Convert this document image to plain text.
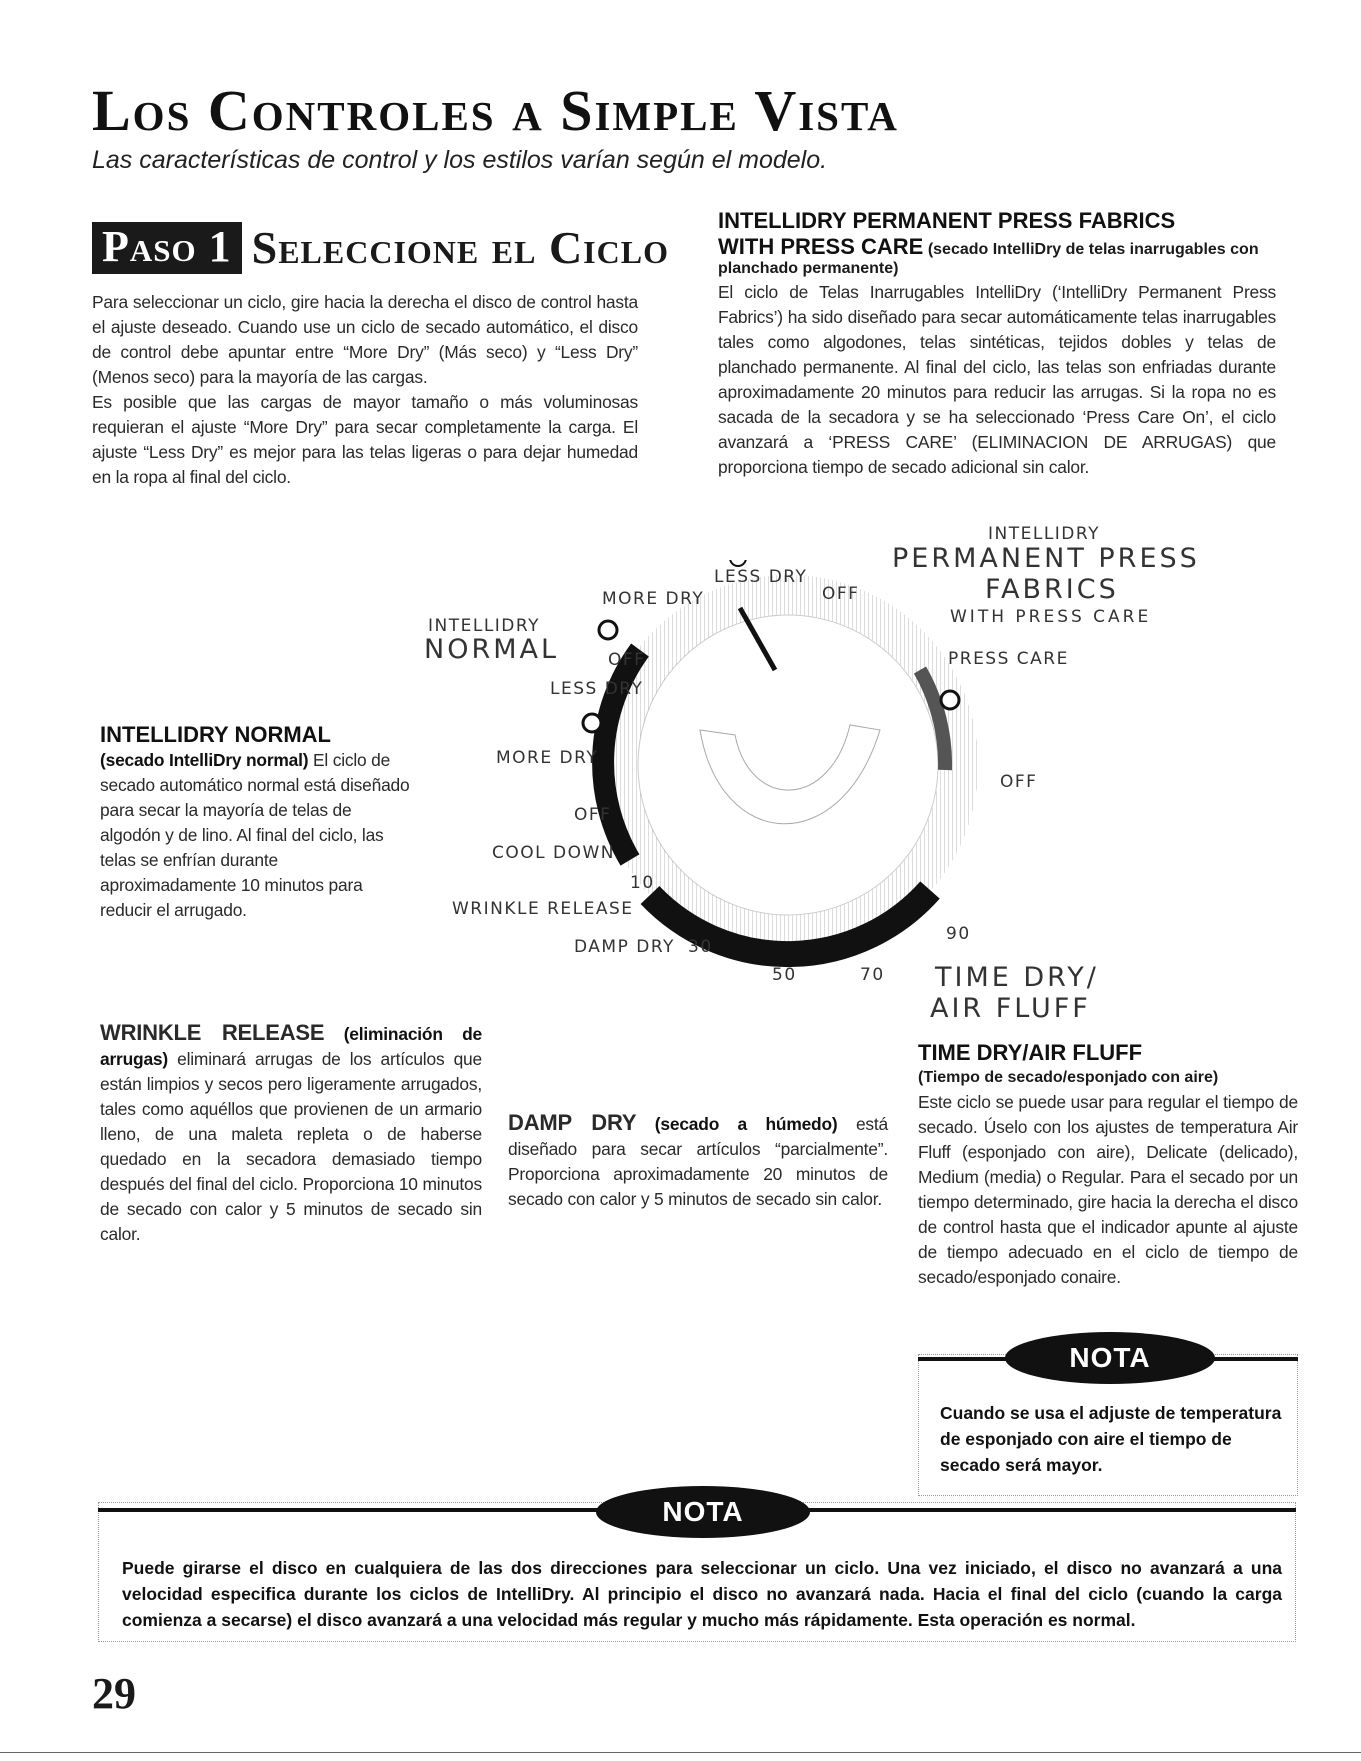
Los Controles a Simple Vista
Las características de control y los estilos varían según el modelo.
Paso 1 Seleccione el Ciclo
Para seleccionar un ciclo, gire hacia la derecha el disco de control hasta el ajuste deseado. Cuando use un ciclo de secado automático, el disco de control debe apuntar entre “More Dry” (Más seco) y “Less Dry” (Menos seco) para la mayoría de las cargas.
Es posible que las cargas de mayor tamaño o más voluminosas requieran el ajuste “More Dry” para secar completamente la carga. El ajuste “Less Dry” es mejor para las telas ligeras o para dejar humedad en la ropa al final del ciclo.
INTELLIDRY PERMANENT PRESS FABRICS
WITH PRESS CARE (secado IntelliDry de telas inarrugables con planchado permanente)
El ciclo de Telas Inarrugables IntelliDry (‘IntelliDry Permanent Press Fabrics’) ha sido diseñado para secar automáticamente telas inarrugables tales como algodones, telas sintéticas, tejidos dobles y telas de planchado permanente. Al final del ciclo, las telas son enfriadas durante aproximadamente 20 minutos para reducir las arrugas. Si la ropa no es sacada de la secadora y se ha seleccionado ‘Press Care On’, el ciclo avanzará a ‘PRESS CARE’ (ELIMINACION DE ARRUGAS) que proporciona tiempo de secado adicional sin calor.
INTELLIDRY
PERMANENT PRESS
FABRICS
WITH PRESS CARE
LESS DRY
MORE DRY	OFF
PRESS CARE
OFF
INTELLIDRY
NORMAL	OFF
LESS DRY
MORE DRY
OFF
COOL DOWN
10
WRINKLE RELEASE
DAMP DRY 30
50	70
90
TIME DRY/
AIR FLUFF
INTELLIDRY NORMAL
(secado IntelliDry normal) El ciclo de secado automático normal está diseñado para secar la mayoría de telas de algodón y de lino. Al final del ciclo, las telas se enfrían durante aproximadamente 10 minutos para reducir el arrugado.
WRINKLE RELEASE (eliminación de arrugas) eliminará arrugas de los artículos que están limpios y secos pero ligeramente arrugados, tales como aquéllos que provienen de un armario lleno, de una maleta repleta o de haberse quedado en la secadora demasiado tiempo después del final del ciclo. Proporciona 10 minutos de secado con calor y 5 minutos de secado sin calor.
DAMP DRY (secado a húmedo) está diseñado para secar artículos “parcialmente”. Proporciona aproximadamente 20 minutos de secado con calor y 5 minutos de secado sin calor.
TIME DRY/AIR FLUFF
(Tiempo de secado/esponjado con aire)
Este ciclo se puede usar para regular el tiempo de secado. Úselo con los ajustes de temperatura Air Fluff (esponjado con aire), Delicate (delicado), Medium (media) o Regular. Para el secado por un tiempo determinado, gire hacia la derecha el disco de control hasta que el indicador apunte al ajuste de tiempo adecuado en el ciclo de tiempo de secado/esponjado conaire.
NOTA
Cuando se usa el adjuste de temperatura de esponjado con aire el tiempo de secado será mayor.
NOTA
Puede girarse el disco en cualquiera de las dos direcciones para seleccionar un ciclo. Una vez iniciado, el disco no avanzará a una velocidad especifica durante los ciclos de IntelliDry. Al principio el disco no avanzará nada. Hacia el final del ciclo (cuando la carga comienza a secarse) el disco avanzará a una velocidad más regular y mucho más rápidamente. Esta operación es normal.
29
